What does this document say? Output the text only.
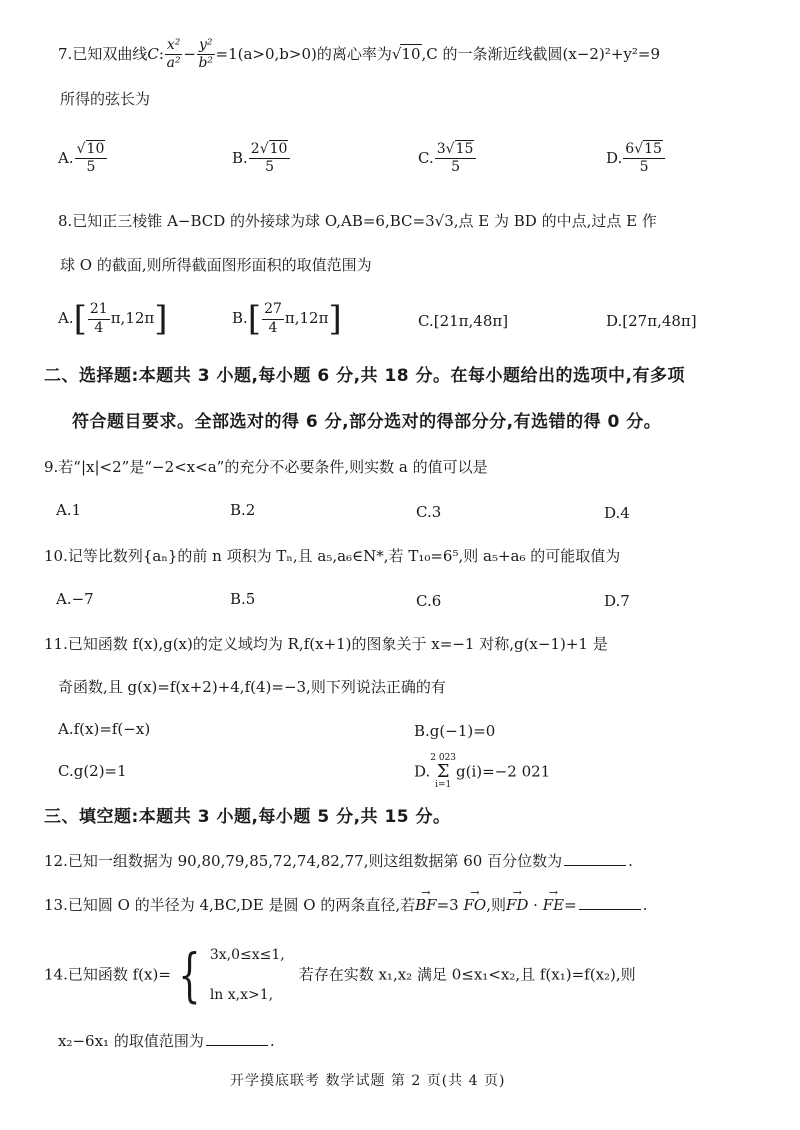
7.已知双曲线C: $\frac{\text{x²}}{\text{a²}} - \frac{\text{y²}}{\text{b²}} =1(a>0,b>0)$的离心率为√10,C 的一条渐近线截圆(x−2)²+y²=9
所得的弦长为
A. $\frac{√10}{5}$	B. $\frac{2√10}{5}$	C. $\frac{3√15}{5}$	D. $\frac{6√15}{5}$
8.已知正三棱锥 A−BCD 的外接球为球 O,AB=6,BC=3√3,点 E 为 BD 的中点,过点 E 作
球 O 的截面,则所得截面图形面积的取值范围为
$A.[ \frac{21}{4} \pi,12\pi]$	$B.[ \frac{27}{4} \pi,12\pi]$	C.[21π,48π]	D.[27π,48π]
二、选择题:本题共 3 小题,每小题 6 分,共 18 分。在每小题给出的选项中,有多项
符合题目要求。全部选对的得 6 分,部分选对的得部分分,有选错的得 0 分。
9.若“|x|<2”是“−2<x<a”的充分不必要条件,则实数 a 的值可以是
A.1	B.2	C.3	D.4
10.记等比数列{aₙ}的前 n 项积为 Tₙ,且 a₅,a₆∈N*,若 T₁₀=6⁵,则 a₅+a₆ 的可能取值为
A.−7	B.5	C.6	D.7
11.已知函数 f(x),g(x)的定义域均为 R,f(x+1)的图象关于 x=−1 对称,g(x−1)+1 是
奇函数,且 g(x)=f(x+2)+4,f(4)=−3,则下列说法正确的有
A.f(x)=f(−x)	B.g(−1)=0
C.g(2)=1	D.
2 023
Σ
i=1
g(i)=−2 021
三、填空题:本题共 3 小题,每小题 5 分,共 15 分。
12.已知一组数据为 90,80,79,85,72,74,82,77,则这组数据第 60 百分位数为	.
13.已知圆 O 的半径为 4,BC,DE 是圆 O 的两条直径,若→ BF=3 → FO,则→ FD · → FE=	.
14.已知函数 f(x)= { 3x,0≤x≤1,
ln x,x>1,
若存在实数 x₁,x₂ 满足 0≤x₁<x₂,且 f(x₁)=f(x₂),则
x₂−6x₁ 的取值范围为	.
开学摸底联考 数学试题 第 2 页(共 4 页)
